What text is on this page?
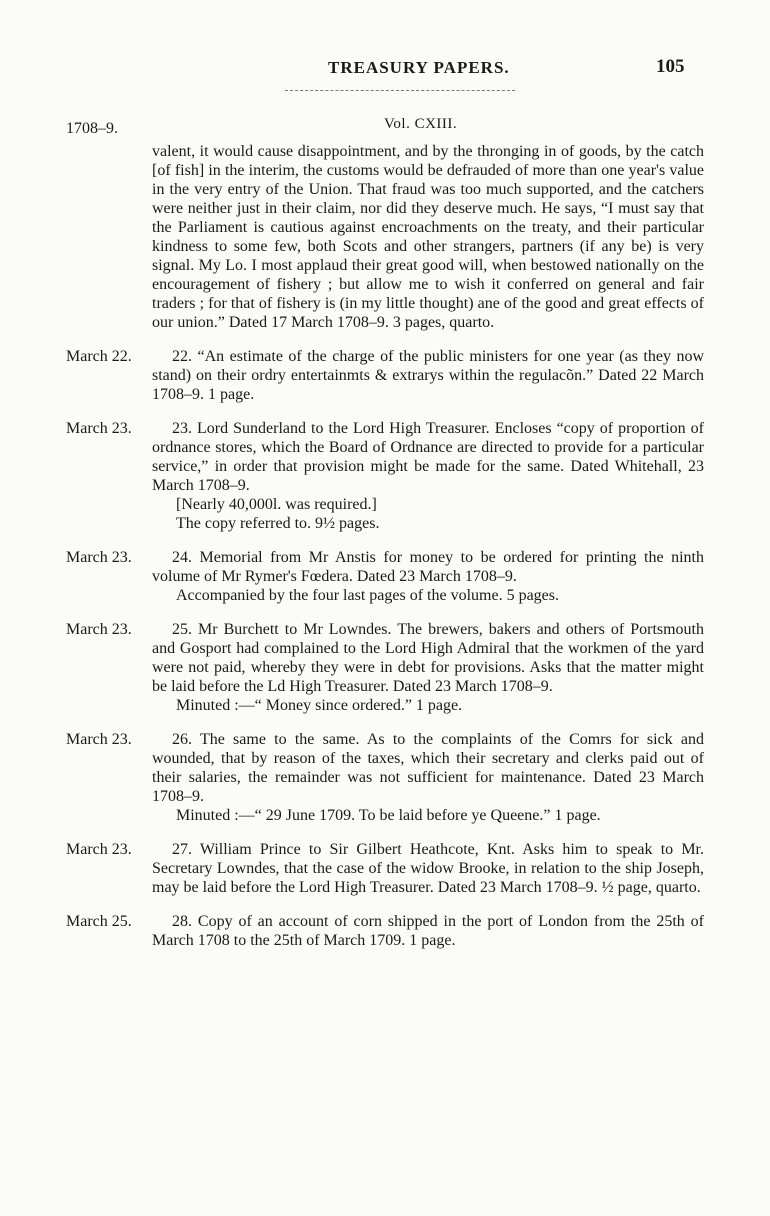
TREASURY PAPERS.	105
1708–9.	Vol. CXIII.

valent, it would cause disappointment, and by the thronging in of goods, by the catch [of fish] in the interim, the customs would be defrauded of more than one year's value in the very entry of the Union. That fraud was too much supported, and the catchers were neither just in their claim, nor did they deserve much. He says, “I must say that the Parliament is cautious against encroachments on the treaty, and their particular kindness to some few, both Scots and other strangers, partners (if any be) is very signal. My Lo. I most applaud their great good will, when bestowed nationally on the encouragement of fishery ; but allow me to wish it conferred on general and fair traders ; for that of fishery is (in my little thought) ane of the good and great effects of our union.” Dated 17 March 1708–9. 3 pages, quarto.

March 22.	22. “An estimate of the charge of the public ministers for one year (as they now stand) on their ordry entertainmts & extrarys within the regulacõn.” Dated 22 March 1708–9. 1 page.

March 23.	23. Lord Sunderland to the Lord High Treasurer. Encloses “copy of proportion of ordnance stores, which the Board of Ordnance are directed to provide for a particular service,” in order that provision might be made for the same. Dated Whitehall, 23 March 1708–9.

[Nearly 40,000l. was required.]

The copy referred to. 9½ pages.

March 23.	24. Memorial from Mr Anstis for money to be ordered for printing the ninth volume of Mr Rymer's Fœdera. Dated 23 March 1708–9.

Accompanied by the four last pages of the volume. 5 pages.

March 23.	25. Mr Burchett to Mr Lowndes. The brewers, bakers and others of Portsmouth and Gosport had complained to the Lord High Admiral that the workmen of the yard were not paid, whereby they were in debt for provisions. Asks that the matter might be laid before the Ld High Treasurer. Dated 23 March 1708–9.

Minuted :—“ Money since ordered.” 1 page.

March 23.	26. The same to the same. As to the complaints of the Comrs for sick and wounded, that by reason of the taxes, which their secretary and clerks paid out of their salaries, the remainder was not sufficient for maintenance. Dated 23 March 1708–9.

Minuted :—“ 29 June 1709. To be laid before ye Queene.” 1 page.

March 23.	27. William Prince to Sir Gilbert Heathcote, Knt. Asks him to speak to Mr. Secretary Lowndes, that the case of the widow Brooke, in relation to the ship Joseph, may be laid before the Lord High Treasurer. Dated 23 March 1708–9. ½ page, quarto.

March 25.	28. Copy of an account of corn shipped in the port of London from the 25th of March 1708 to the 25th of March 1709. 1 page.
